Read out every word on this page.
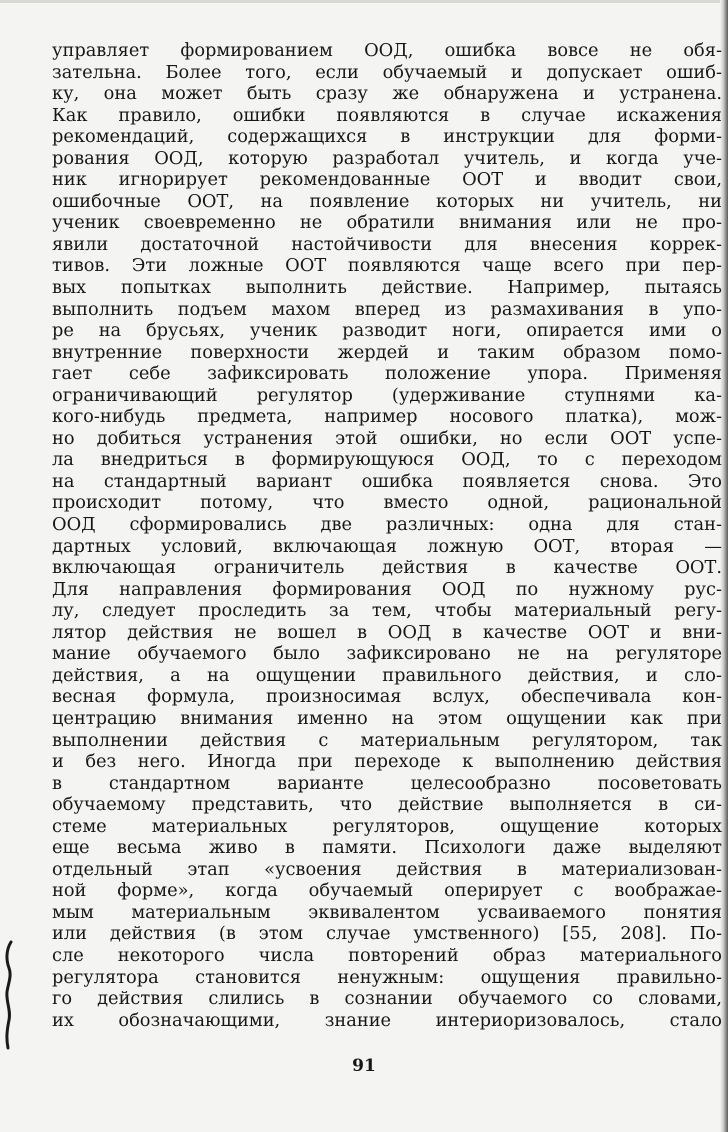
управляет формированием ООД, ошибка вовсе не обя-
зательна. Более того, если обучаемый и допускает ошиб-
ку, она может быть сразу же обнаружена и устранена.
Как правило, ошибки появляются в случае искажения
рекомендаций, содержащихся в инструкции для форми-
рования ООД, которую разработал учитель, и когда уче-
ник игнорирует рекомендованные ООТ и вводит свои,
ошибочные ООТ, на появление которых ни учитель, ни
ученик своевременно не обратили внимания или не про-
явили достаточной настойчивости для внесения коррек-
тивов. Эти ложные ООТ появляются чаще всего при пер-
вых попытках выполнить действие. Например, пытаясь
выполнить подъем махом вперед из размахивания в упо-
ре на брусьях, ученик разводит ноги, опирается ими о
внутренние поверхности жердей и таким образом помо-
гает себе зафиксировать положение упора. Применяя
ограничивающий регулятор (удерживание ступнями ка-
кого-нибудь предмета, например носового платка), мож-
но добиться устранения этой ошибки, но если ООТ успе-
ла внедриться в формирующуюся ООД, то с переходом
на стандартный вариант ошибка появляется снова. Это
происходит потому, что вместо одной, рациональной
ООД сформировались две различных: одна для стан-
дартных условий, включающая ложную ООТ, вторая —
включающая ограничитель действия в качестве ООТ.
Для направления формирования ООД по нужному рус-
лу, следует проследить за тем, чтобы материальный регу-
лятор действия не вошел в ООД в качестве ООТ и вни-
мание обучаемого было зафиксировано не на регуляторе
действия, а на ощущении правильного действия, и сло-
весная формула, произносимая вслух, обеспечивала кон-
центрацию внимания именно на этом ощущении как при
выполнении действия с материальным регулятором, так
и без него. Иногда при переходе к выполнению действия
в стандартном варианте целесообразно посоветовать
обучаемому представить, что действие выполняется в си-
стеме материальных регуляторов, ощущение которых
еще весьма живо в памяти. Психологи даже выделяют
отдельный этап «усвоения действия в материализован-
ной форме», когда обучаемый оперирует с воображае-
мым материальным эквивалентом усваиваемого понятия
или действия (в этом случае умственного) [55, 208]. По-
сле некоторого числа повторений образ материального
регулятора становится ненужным: ощущения правильно-
го действия слились в сознании обучаемого со словами,
их обозначающими, знание интериоризовалось, стало
91
